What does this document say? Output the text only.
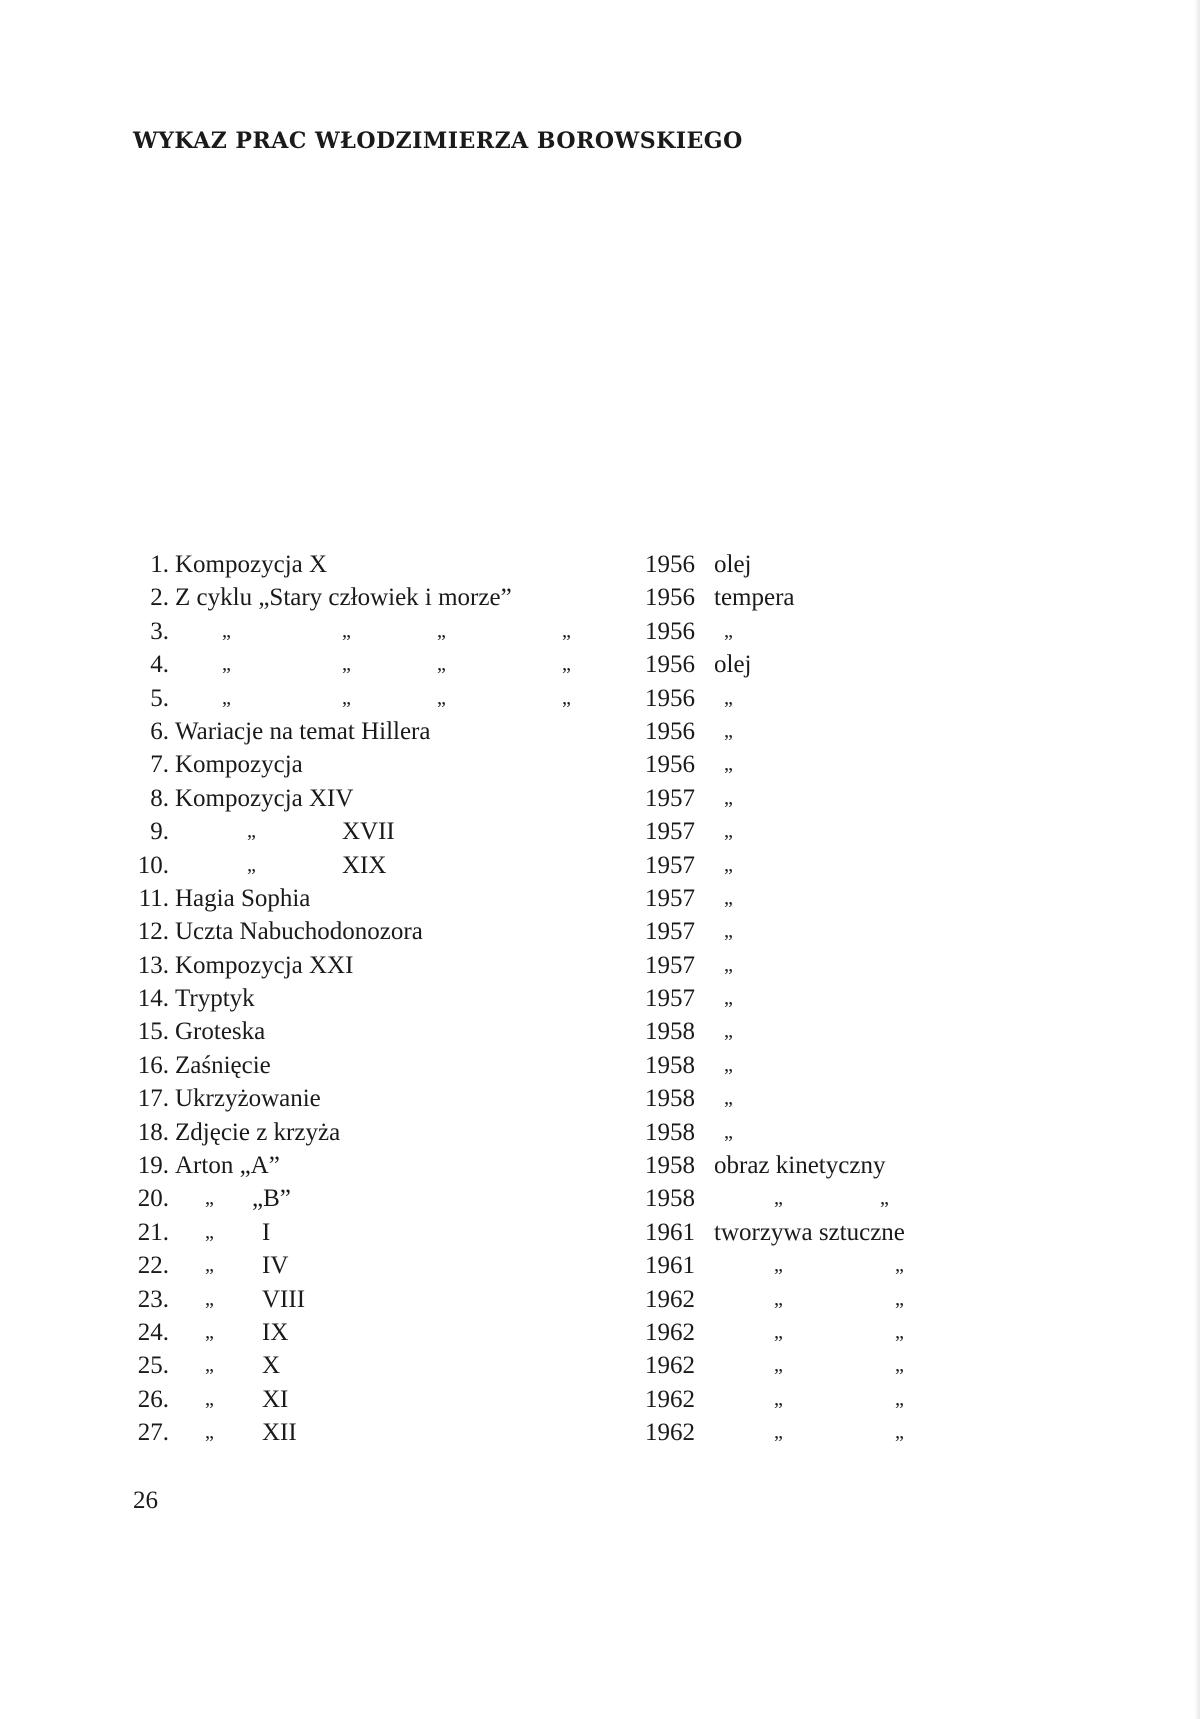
WYKAZ PRAC WŁODZIMIERZA BOROWSKIEGO
1. Kompozycja X	1956 olej
2. Z cyklu „Stary człowiek i morze”	1956 tempera
3.	„	„	„	„	1956 „
4.	„	„	„	„	1956 olej
5.	„	„	„	„	1956 „
6. Wariacje na temat Hillera	1956 „
7. Kompozycja	1956 „
8. Kompozycja XIV	1957 „
9.	„	XVII	1957 „
10.	„	XIX	1957 „
11. Hagia Sophia	1957 „
12. Uczta Nabuchodonozora	1957 „
13. Kompozycja XXI	1957 „
14. Tryptyk	1957 „
15. Groteska	1958 „
16. Zaśnięcie	1958 „
17. Ukrzyżowanie	1958 „
18. Zdjęcie z krzyża	1958 „
19. Arton „A”	1958 obraz kinetyczny
20. „ „B”	1958	„	„
21. „ I	1961 tworzywa sztuczne
22. „ IV	1961	„	„
23. „ VIII	1962	„	„
24. „ IX	1962	„	„
25. „ X	1962	„	„
26. „ XI	1962	„	„
27. „ XII	1962	„	„
26
